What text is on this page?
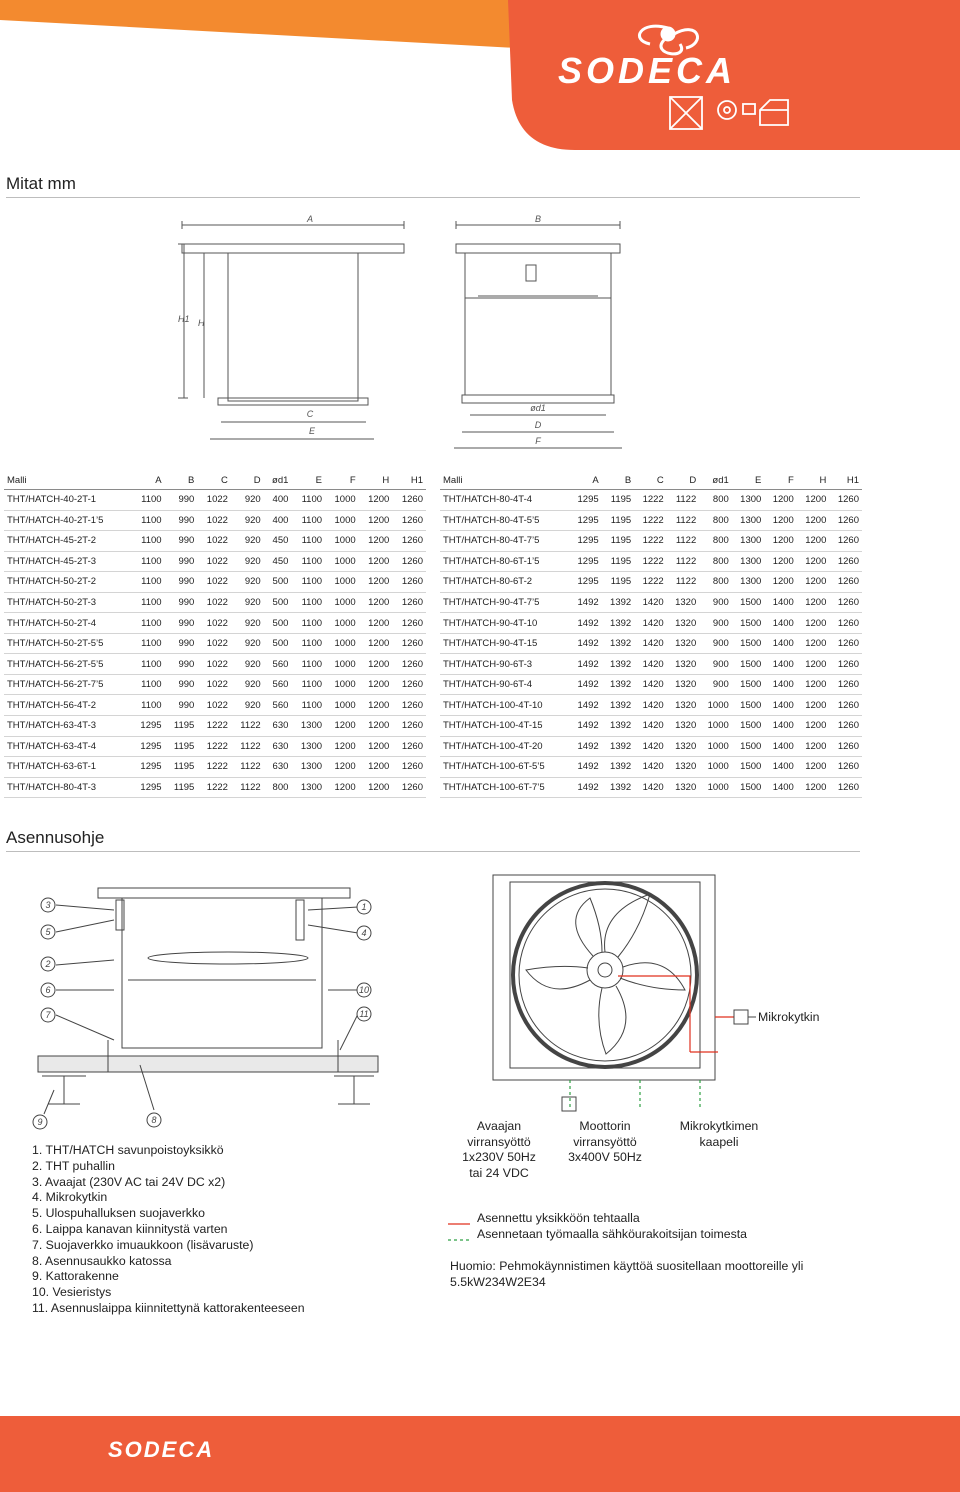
SODECA
Mitat mm
A
H1 H
C
E
B
ød1
D
F
Malli	A	B	C	D	ød1	E	F	H	H1
THT/HATCH-40-2T-1	1100	990	1022	920	400	1100	1000	1200	1260
THT/HATCH-40-2T-1’5	1100	990	1022	920	400	1100	1000	1200	1260
THT/HATCH-45-2T-2	1100	990	1022	920	450	1100	1000	1200	1260
THT/HATCH-45-2T-3	1100	990	1022	920	450	1100	1000	1200	1260
THT/HATCH-50-2T-2	1100	990	1022	920	500	1100	1000	1200	1260
THT/HATCH-50-2T-3	1100	990	1022	920	500	1100	1000	1200	1260
THT/HATCH-50-2T-4	1100	990	1022	920	500	1100	1000	1200	1260
THT/HATCH-50-2T-5’5	1100	990	1022	920	500	1100	1000	1200	1260
THT/HATCH-56-2T-5’5	1100	990	1022	920	560	1100	1000	1200	1260
THT/HATCH-56-2T-7’5	1100	990	1022	920	560	1100	1000	1200	1260
THT/HATCH-56-4T-2	1100	990	1022	920	560	1100	1000	1200	1260
THT/HATCH-63-4T-3	1295	1195	1222	1122	630	1300	1200	1200	1260
THT/HATCH-63-4T-4	1295	1195	1222	1122	630	1300	1200	1200	1260
THT/HATCH-63-6T-1	1295	1195	1222	1122	630	1300	1200	1200	1260
THT/HATCH-80-4T-3	1295	1195	1222	1122	800	1300	1200	1200	1260
Malli	A	B	C	D	ød1	E	F	H	H1
THT/HATCH-80-4T-4	1295	1195	1222	1122	800	1300	1200	1200	1260
THT/HATCH-80-4T-5’5	1295	1195	1222	1122	800	1300	1200	1200	1260
THT/HATCH-80-4T-7’5	1295	1195	1222	1122	800	1300	1200	1200	1260
THT/HATCH-80-6T-1’5	1295	1195	1222	1122	800	1300	1200	1200	1260
THT/HATCH-80-6T-2	1295	1195	1222	1122	800	1300	1200	1200	1260
THT/HATCH-90-4T-7’5	1492	1392	1420	1320	900	1500	1400	1200	1260
THT/HATCH-90-4T-10	1492	1392	1420	1320	900	1500	1400	1200	1260
THT/HATCH-90-4T-15	1492	1392	1420	1320	900	1500	1400	1200	1260
THT/HATCH-90-6T-3	1492	1392	1420	1320	900	1500	1400	1200	1260
THT/HATCH-90-6T-4	1492	1392	1420	1320	900	1500	1400	1200	1260
THT/HATCH-100-4T-10	1492	1392	1420	1320	1000	1500	1400	1200	1260
THT/HATCH-100-4T-15	1492	1392	1420	1320	1000	1500	1400	1200	1260
THT/HATCH-100-4T-20	1492	1392	1420	1320	1000	1500	1400	1200	1260
THT/HATCH-100-6T-5’5	1492	1392	1420	1320	1000	1500	1400	1200	1260
THT/HATCH-100-6T-7’5	1492	1392	1420	1320	1000	1500	1400	1200	1260
Asennusohje
1
2
3
4
5
6
7
8
9
10
11	Mikrokytkin
Avaajan
virransyöttö
1x230V 50Hz
tai 24 VDC
Moottorin
virransyöttö
3x400V 50Hz
Mikrokytkimen
kaapeli
Asennettu yksikköön tehtaalla
Asennetaan työmaalla sähköurakoitsijan toimesta
Huomio: Pehmokäynnistimen käyttöä suositellaan moottoreille yli
5.5kW234W2E34
1. THT/HATCH savunpoistoyksikkö
2. THT puhallin
3. Avaajat (230V AC tai 24V DC x2)
4. Mikrokytkin
5. Ulospuhalluksen suojaverkko
6. Laippa kanavan kiinnitystä varten
7. Suojaverkko imuaukkoon (lisävaruste)
8. Asennusaukko katossa
9. Kattorakenne
10. Vesieristys
11. Asennuslaippa kiinnitettynä kattorakenteeseen
SODECA
